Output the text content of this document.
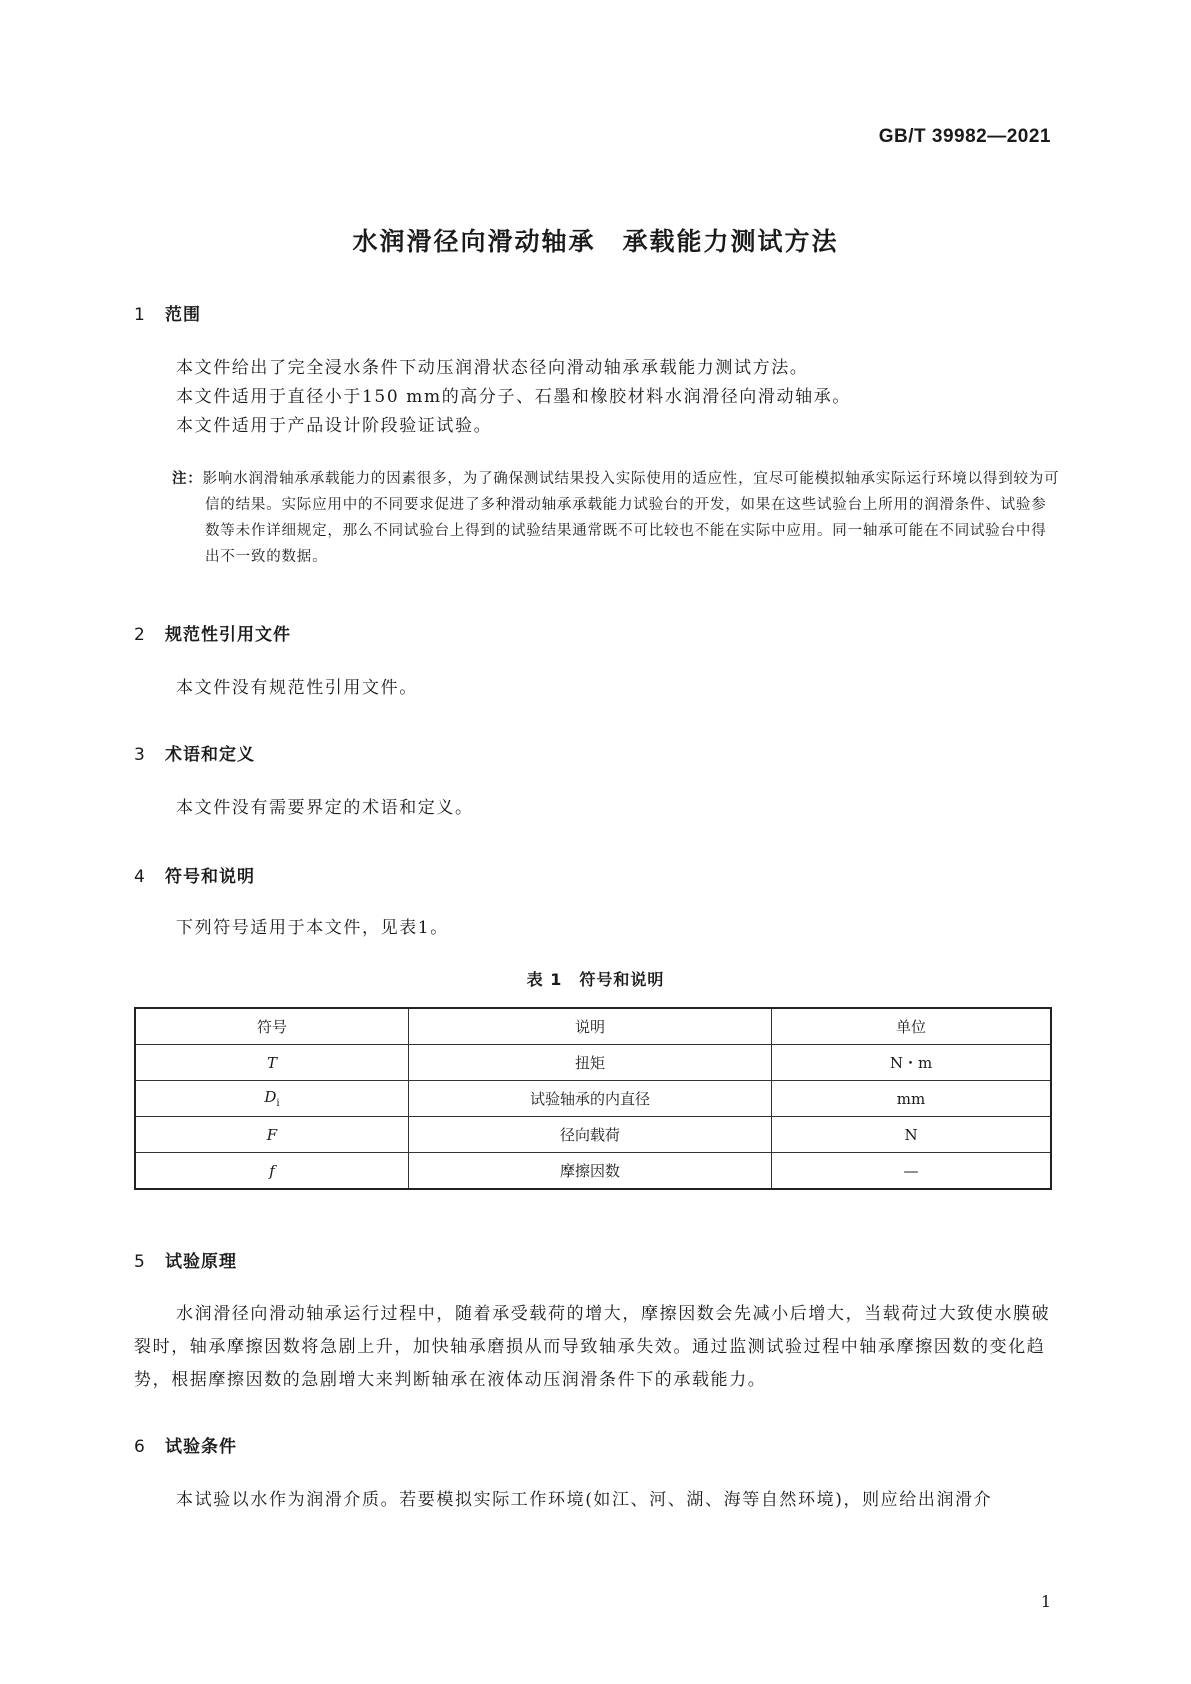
GB/T 39982—2021
水润滑径向滑动轴承　承载能力测试方法
1 范围
本文件给出了完全浸水条件下动压润滑状态径向滑动轴承承载能力测试方法。
本文件适用于直径小于150 mm的高分子、石墨和橡胶材料水润滑径向滑动轴承。
本文件适用于产品设计阶段验证试验。
注：影响水润滑轴承承载能力的因素很多，为了确保测试结果投入实际使用的适应性，宜尽可能模拟轴承实际运行环境以得到较为可信的结果。实际应用中的不同要求促进了多种滑动轴承承载能力试验台的开发，如果在这些试验台上所用的润滑条件、试验参数等未作详细规定，那么不同试验台上得到的试验结果通常既不可比较也不能在实际中应用。同一轴承可能在不同试验台中得出不一致的数据。
2 规范性引用文件
本文件没有规范性引用文件。
3 术语和定义
本文件没有需要界定的术语和定义。
4 符号和说明
下列符号适用于本文件，见表1。
表 1　符号和说明
符号	说明	单位
T	扭矩	N・m
$D_i$	试验轴承的内直径	mm
F	径向载荷	N
f	摩擦因数	—
5 试验原理
水润滑径向滑动轴承运行过程中，随着承受载荷的增大，摩擦因数会先减小后增大，当载荷过大致使水膜破裂时，轴承摩擦因数将急剧上升，加快轴承磨损从而导致轴承失效。通过监测试验过程中轴承摩擦因数的变化趋势，根据摩擦因数的急剧增大来判断轴承在液体动压润滑条件下的承载能力。
6 试验条件
本试验以水作为润滑介质。若要模拟实际工作环境(如江、河、湖、海等自然环境)，则应给出润滑介
1
